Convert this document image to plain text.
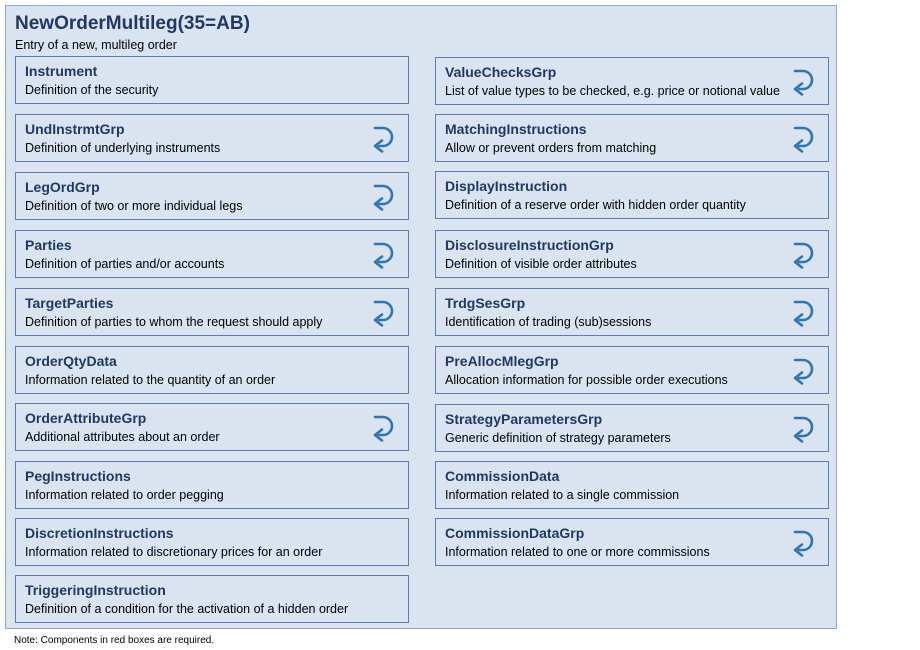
NewOrderMultileg(35=AB)
Entry of a new, multileg order
Instrument
Definition of the security
UndInstrmtGrp
Definition of underlying instruments
LegOrdGrp
Definition of two or more individual legs
Parties
Definition of parties and/or accounts
TargetParties
Definition of parties to whom the request should apply
OrderQtyData
Information related to the quantity of an order
OrderAttributeGrp
Additional attributes about an order
PegInstructions
Information related to order pegging
DiscretionInstructions
Information related to discretionary prices for an order
TriggeringInstruction
Definition of a condition for the activation of a hidden order
ValueChecksGrp
List of value types to be checked, e.g. price or notional value
MatchingInstructions
Allow or prevent orders from matching
DisplayInstruction
Definition of a reserve order with hidden order quantity
DisclosureInstructionGrp
Definition of visible order attributes
TrdgSesGrp
Identification of trading (sub)sessions
PreAllocMlegGrp
Allocation information for possible order executions
StrategyParametersGrp
Generic definition of strategy parameters
CommissionData
Information related to a single commission
CommissionDataGrp
Information related to one or more commissions
Note: Components in red boxes are required.
